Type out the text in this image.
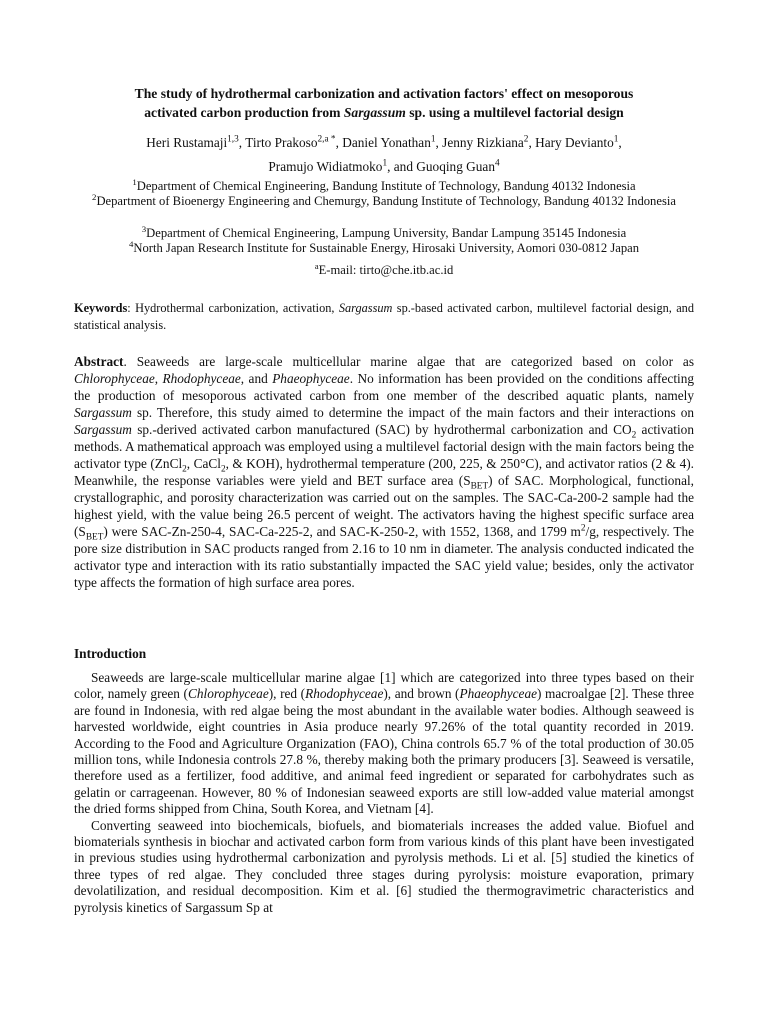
The study of hydrothermal carbonization and activation factors' effect on mesoporous
activated carbon production from Sargassum sp. using a multilevel factorial design
Heri Rustamaji$^{1,3}$, Tirto Prakoso$^{2,a *}$, Daniel Yonathan$^1$, Jenny Rizkiana$^2$, Hary Devianto$^1$,
Pramujo Widiatmoko$^1$, and Guoqing Guan$^4$
$^1$Department of Chemical Engineering, Bandung Institute of Technology, Bandung 40132 Indonesia
$^2$Department of Bioenergy Engineering and Chemurgy, Bandung Institute of Technology, Bandung 40132 Indonesia
$^3$Department of Chemical Engineering, Lampung University, Bandar Lampung 35145 Indonesia
$^4$North Japan Research Institute for Sustainable Energy, Hirosaki University, Aomori 030-0812 Japan
$^a$E-mail: tirto@che.itb.ac.id

Keywords: Hydrothermal carbonization, activation, Sargassum sp.-based activated carbon, multilevel factorial design, and statistical analysis.

Abstract. Seaweeds are large-scale multicellular marine algae that are categorized based on color as Chlorophyceae, Rhodophyceae, and Phaeophyceae. No information has been provided on the conditions affecting the production of mesoporous activated carbon from one member of the described aquatic plants, namely Sargassum sp. Therefore, this study aimed to determine the impact of the main factors and their interactions on Sargassum sp.-derived activated carbon manufactured (SAC) by hydrothermal carbonization and $CO_2$ activation methods. A mathematical approach was employed using a multilevel factorial design with the main factors being the activator type (ZnCl$_2$, CaCl$_2$, & KOH), hydrothermal temperature (200, 225, & 250°C), and activator ratios (2 & 4). Meanwhile, the response variables were yield and BET surface area $(S_{BET})$ of SAC. Morphological, functional, crystallographic, and porosity characterization was carried out on the samples. The SAC-Ca-200-2 sample had the highest yield, with the value being 26.5 percent of weight. The activators having the highest specific surface area $(S_{BET})$ were SAC-Zn-250-4, SAC-Ca-225-2, and SAC-K-250-2, with 1552, 1368, and 1799 $m^2/g$, respectively. The pore size distribution in SAC products ranged from 2.16 to 10 nm in diameter. The analysis conducted indicated the activator type and interaction with its ratio substantially impacted the SAC yield value; besides, only the activator type affects the formation of high surface area pores.

Introduction

Seaweeds are large-scale multicellular marine algae [1] which are categorized into three types based on their color, namely green (Chlorophyceae), red (Rhodophyceae), and brown (Phaeophyceae) macroalgae [2]. These three are found in Indonesia, with red algae being the most abundant in the available water bodies. Although seaweed is harvested worldwide, eight countries in Asia produce nearly 97.26% of the total quantity recorded in 2019. According to the Food and Agriculture Organization (FAO), China controls 65.7 % of the total production of 30.05 million tons, while Indonesia controls 27.8 %, thereby making both the primary producers [3]. Seaweed is versatile, therefore used as a fertilizer, food additive, and animal feed ingredient or separated for carbohydrates such as gelatin or carrageenan. However, 80 % of Indonesian seaweed exports are still low-added value material amongst the dried forms shipped from China, South Korea, and Vietnam [4].

Converting seaweed into biochemicals, biofuels, and biomaterials increases the added value. Biofuel and biomaterials synthesis in biochar and activated carbon form from various kinds of this plant have been investigated in previous studies using hydrothermal carbonization and pyrolysis methods. Li et al. [5] studied the kinetics of three types of red algae. They concluded three stages during pyrolysis: moisture evaporation, primary devolatilization, and residual decomposition. Kim et al. [6] studied the thermogravimetric characteristics and pyrolysis kinetics of Sargassum Sp at
